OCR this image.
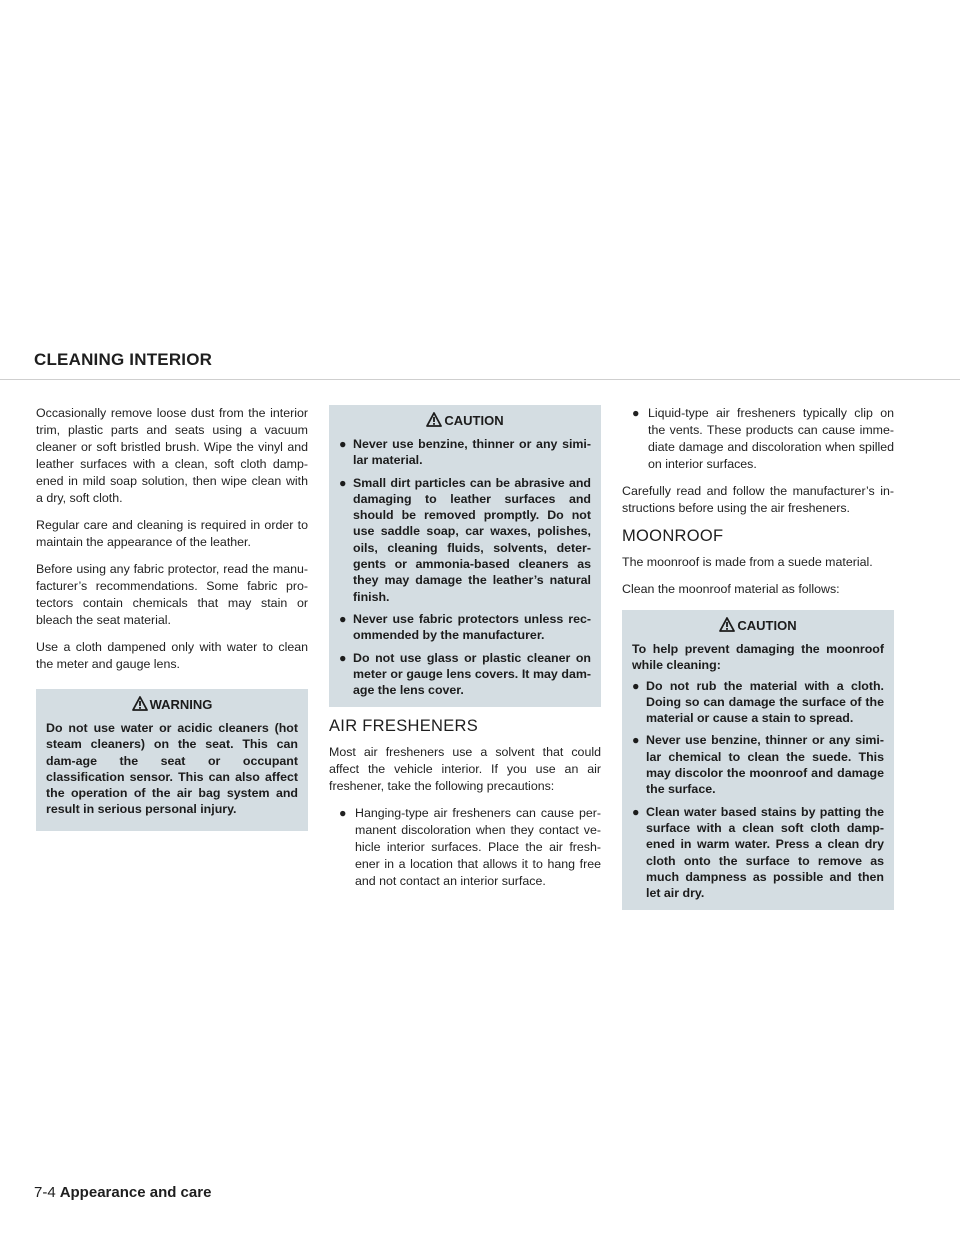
CLEANING INTERIOR

Occasionally remove loose dust from the interior trim, plastic parts and seats using a vacuum cleaner or soft bristled brush. Wipe the vinyl and leather surfaces with a clean, soft cloth damp-ened in mild soap solution, then wipe clean with a dry, soft cloth.

Regular care and cleaning is required in order to maintain the appearance of the leather.

Before using any fabric protector, read the manu-facturer’s recommendations. Some fabric pro-tectors contain chemicals that may stain or bleach the seat material.

Use a cloth dampened only with water to clean the meter and gauge lens.

WARNING

Do not use water or acidic cleaners (hot steam cleaners) on the seat. This can dam-age the seat or occupant classification sensor. This can also affect the operation of the air bag system and result in serious personal injury.

CAUTION
● Never use benzine, thinner or any simi-lar material.
● Small dirt particles can be abrasive and damaging to leather surfaces and should be removed promptly. Do not use saddle soap, car waxes, polishes, oils, cleaning fluids, solvents, deter-gents or ammonia-based cleaners as they may damage the leather’s natural finish.
● Never use fabric protectors unless rec-ommended by the manufacturer.
● Do not use glass or plastic cleaner on meter or gauge lens covers. It may dam-age the lens cover.
AIR FRESHENERS

Most air fresheners use a solvent that could affect the vehicle interior. If you use an air freshener, take the following precautions:

● Hanging-type air fresheners can cause per-manent discoloration when they contact ve-hicle interior surfaces. Place the air fresh-ener in a location that allows it to hang free and not contact an interior surface.
● Liquid-type air fresheners typically clip on the vents. These products can cause imme-diate damage and discoloration when spilled on interior surfaces.

Carefully read and follow the manufacturer’s in-structions before using the air fresheners.

MOONROOF

The moonroof is made from a suede material.

Clean the moonroof material as follows:

CAUTION

To help prevent damaging the moonroof while cleaning:

● Do not rub the material with a cloth. Doing so can damage the surface of the material or cause a stain to spread.
● Never use benzine, thinner or any simi-lar chemical to clean the suede. This may discolor the moonroof and damage the surface.
● Clean water based stains by patting the surface with a clean soft cloth damp-ened in warm water. Press a clean dry cloth onto the surface to remove as much dampness as possible and then let air dry.
7-4 Appearance and care
